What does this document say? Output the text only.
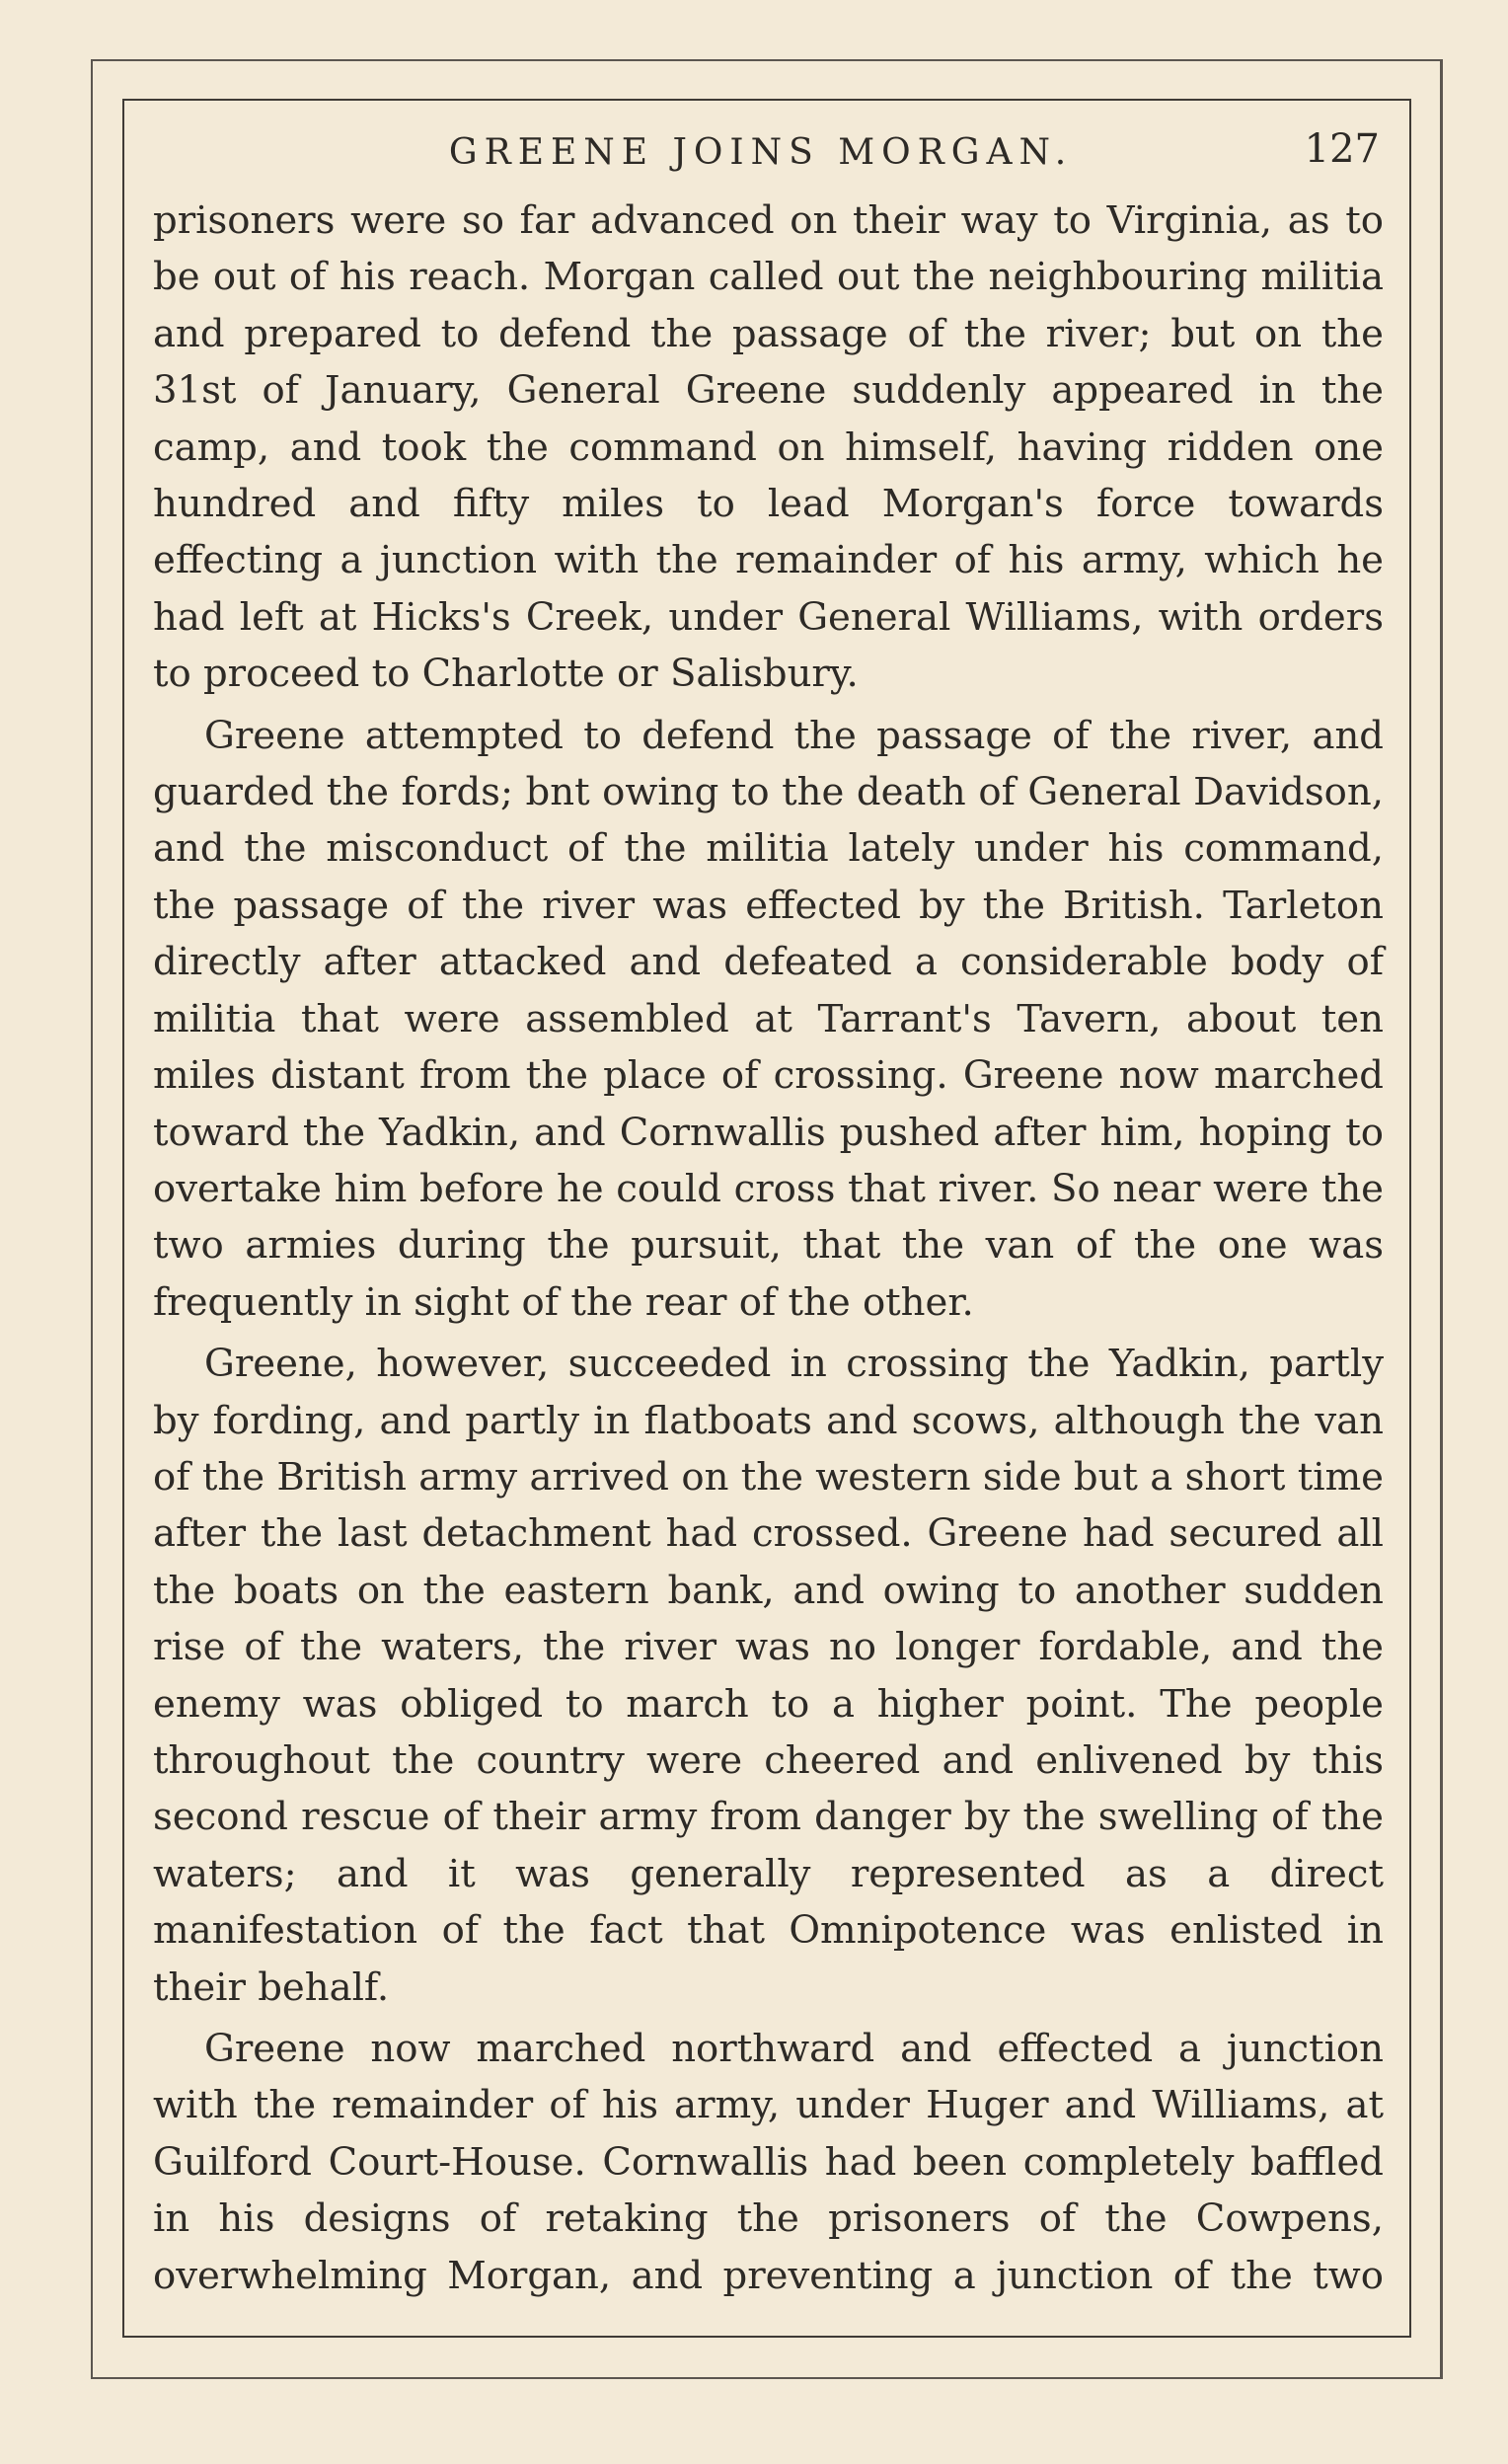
GREENE JOINS MORGAN.	127

prisoners were so far advanced on their way to Virginia, as to be out of his reach. Morgan called out the neighbouring militia and prepared to defend the passage of the river; but on the 31st of January, General Greene suddenly appeared in the camp, and took the command on himself, having ridden one hundred and fifty miles to lead Morgan's force towards effecting a junction with the remainder of his army, which he had left at Hicks's Creek, under General Williams, with orders to proceed to Charlotte or Salisbury.

Greene attempted to defend the passage of the river, and guarded the fords; bnt owing to the death of General Davidson, and the misconduct of the militia lately under his command, the passage of the river was effected by the British. Tarleton directly after attacked and defeated a considerable body of militia that were assembled at Tarrant's Tavern, about ten miles distant from the place of crossing. Greene now marched toward the Yadkin, and Cornwallis pushed after him, hoping to overtake him before he could cross that river. So near were the two armies during the pursuit, that the van of the one was frequently in sight of the rear of the other.

Greene, however, succeeded in crossing the Yadkin, partly by fording, and partly in flatboats and scows, although the van of the British army arrived on the western side but a short time after the last detachment had crossed. Greene had secured all the boats on the eastern bank, and owing to another sudden rise of the waters, the river was no longer fordable, and the enemy was obliged to march to a higher point. The people throughout the country were cheered and enlivened by this second rescue of their army from danger by the swelling of the waters; and it was generally represented as a direct manifestation of the fact that Omnipotence was enlisted in their behalf.

Greene now marched northward and effected a junction with the remainder of his army, under Huger and Williams, at Guilford Court-House. Cornwallis had been completely baffled in his designs of retaking the prisoners of the Cowpens, overwhelming Morgan, and preventing a junction of the two
